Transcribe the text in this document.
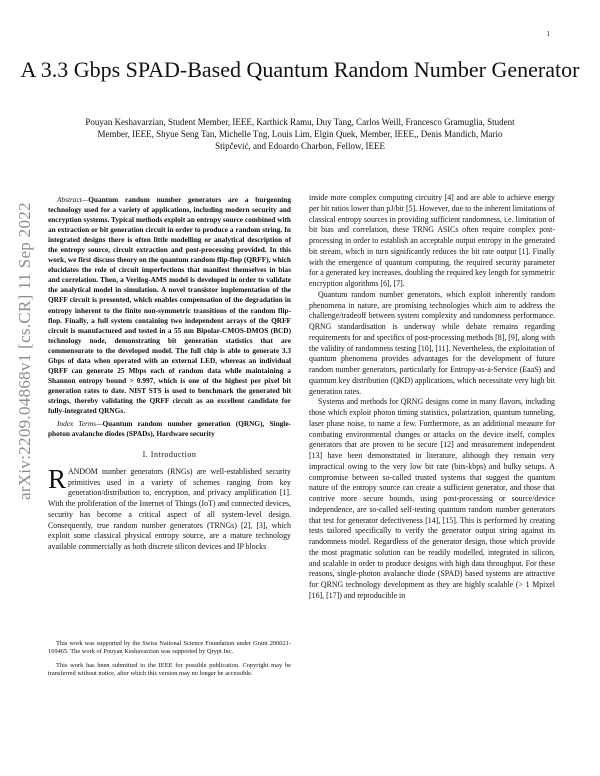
1
arXiv:2209.04868v1 [cs.CR] 11 Sep 2022
A 3.3 Gbps SPAD-Based Quantum Random Number Generator
Pouyan Keshavarzian, Student Member, IEEE, Karthick Ramu, Duy Tang, Carlos Weill, Francesco Gramuglia, Student Member, IEEE, Shyue Seng Tan, Michelle Tng, Louis Lim, Elgin Quek, Member, IEEE,, Denis Mandich, Mario Stipčević, and Edoardo Charbon, Fellow, IEEE

Abstract—Quantum random number generators are a burgeoning technology used for a variety of applications, including modern security and encryption systems. Typical methods exploit an entropy source combined with an extraction or bit generation circuit in order to produce a random string. In integrated designs there is often little modelling or analytical description of the entropy source, circuit extraction and post-processing provided. In this work, we first discuss theory on the quantum random flip-flop (QRFF), which elucidates the role of circuit imperfections that manifest themselves in bias and correlation. Then, a Verilog-AMS model is developed in order to validate the analytical model in simulation. A novel transistor implementation of the QRFF circuit is presented, which enables compensation of the degradation in entropy inherent to the finite non-symmetric transitions of the random flip-flop. Finally, a full system containing two independent arrays of the QRFF circuit is manufactured and tested in a 55 nm Bipolar-CMOS-DMOS (BCD) technology node, demonstrating bit generation statistics that are commensurate to the developed model. The full chip is able to generate 3.3 Gbps of data when operated with an external LED, whereas an individual QRFF can generate 25 Mbps each of random data while maintaining a Shannon entropy bound > 0.997, which is one of the highest per pixel bit generation rates to date. NIST STS is used to benchmark the generated bit strings, thereby validating the QRFF circuit as an excellent candidate for fully-integrated QRNGs.

Index Terms—Quantum random number generation (QRNG), Single-photon avalanche diodes (SPADs), Hardware security

I. Introduction

RANDOM number generators (RNGs) are well-established security primitives used in a variety of schemes ranging from key generation/distribution to, encryption, and privacy amplification [1]. With the proliferation of the Internet of Things (IoT) and connected devices, security has become a critical aspect of all system-level design. Consequently, true random number generators (TRNGs) [2], [3], which exploit some classical physical entropy source, are a mature technology available commercially as both discrete silicon devices and IP blocks

This work was supported by the Swiss National Science Foundation under Grant 200021-169465. The work of Pouyan Keshavarzian was supported by Qrypt Inc.

This work has been submitted to the IEEE for possible publication. Copyright may be transferred without notice, after which this version may no longer be accessible.

inside more complex computing circuitry [4] and are able to achieve energy per bit ratios lower than pJ/bit [5]. However, due to the inherent limitations of classical entropy sources in providing sufficient randomness, i.e. limitation of bit bias and correlation, these TRNG ASICs often require complex post-processing in order to establish an acceptable output entropy in the generated bit stream, which in turn significantly reduces the bit rate output [1]. Finally with the emergence of quantum computing, the required security parameter for a generated key increases, doubling the required key length for symmetric encryption algorithms [6], [7].

Quantum random number generators, which exploit inherently random phenomena in nature, are promising technologies which aim to address the challenge/tradeoff between system complexity and randomness performance. QRNG standardisation is underway while debate remains regarding requirements for and specifics of post-processing methods [8], [9], along with the validity of randomness testing [10], [11]. Nevertheless, the exploitation of quantum phenomena provides advantages for the development of future random number generators, particularly for Entropy-as-a-Service (EaaS) and quantum key distribution (QKD) applications, which necessitate very high bit generation rates.

Systems and methods for QRNG designs come in many flavors, including those which exploit photon timing statistics, polarization, quantum tunneling, laser phase noise, to name a few. Furthermore, as an additional measure for combating environmental changes or attacks on the device itself, complex generators that are proven to be secure [12] and measurement independent [13] have been demonstrated in literature, although they remain very impractical owing to the very low bit rate (bits-kbps) and bulky setups. A compromise between so-called trusted systems that suggest the quantum nature of the entropy source can create a sufficient generator, and those that contrive more secure bounds, using post-processing or source/device independence, are so-called self-testing quantum random number generators that test for generator defectiveness [14], [15]. This is performed by creating tests tailored specifically to verify the generator output string against its randomness model. Regardless of the generator design, those which provide the most pragmatic solution can be readily modelled, integrated in silicon, and scalable in order to produce designs with high data throughput. For these reasons, single-photon avalanche diode (SPAD) based systems are attractive for QRNG technology development as they are highly scalable (> 1 Mpixel [16], [17]) and reproducible in
